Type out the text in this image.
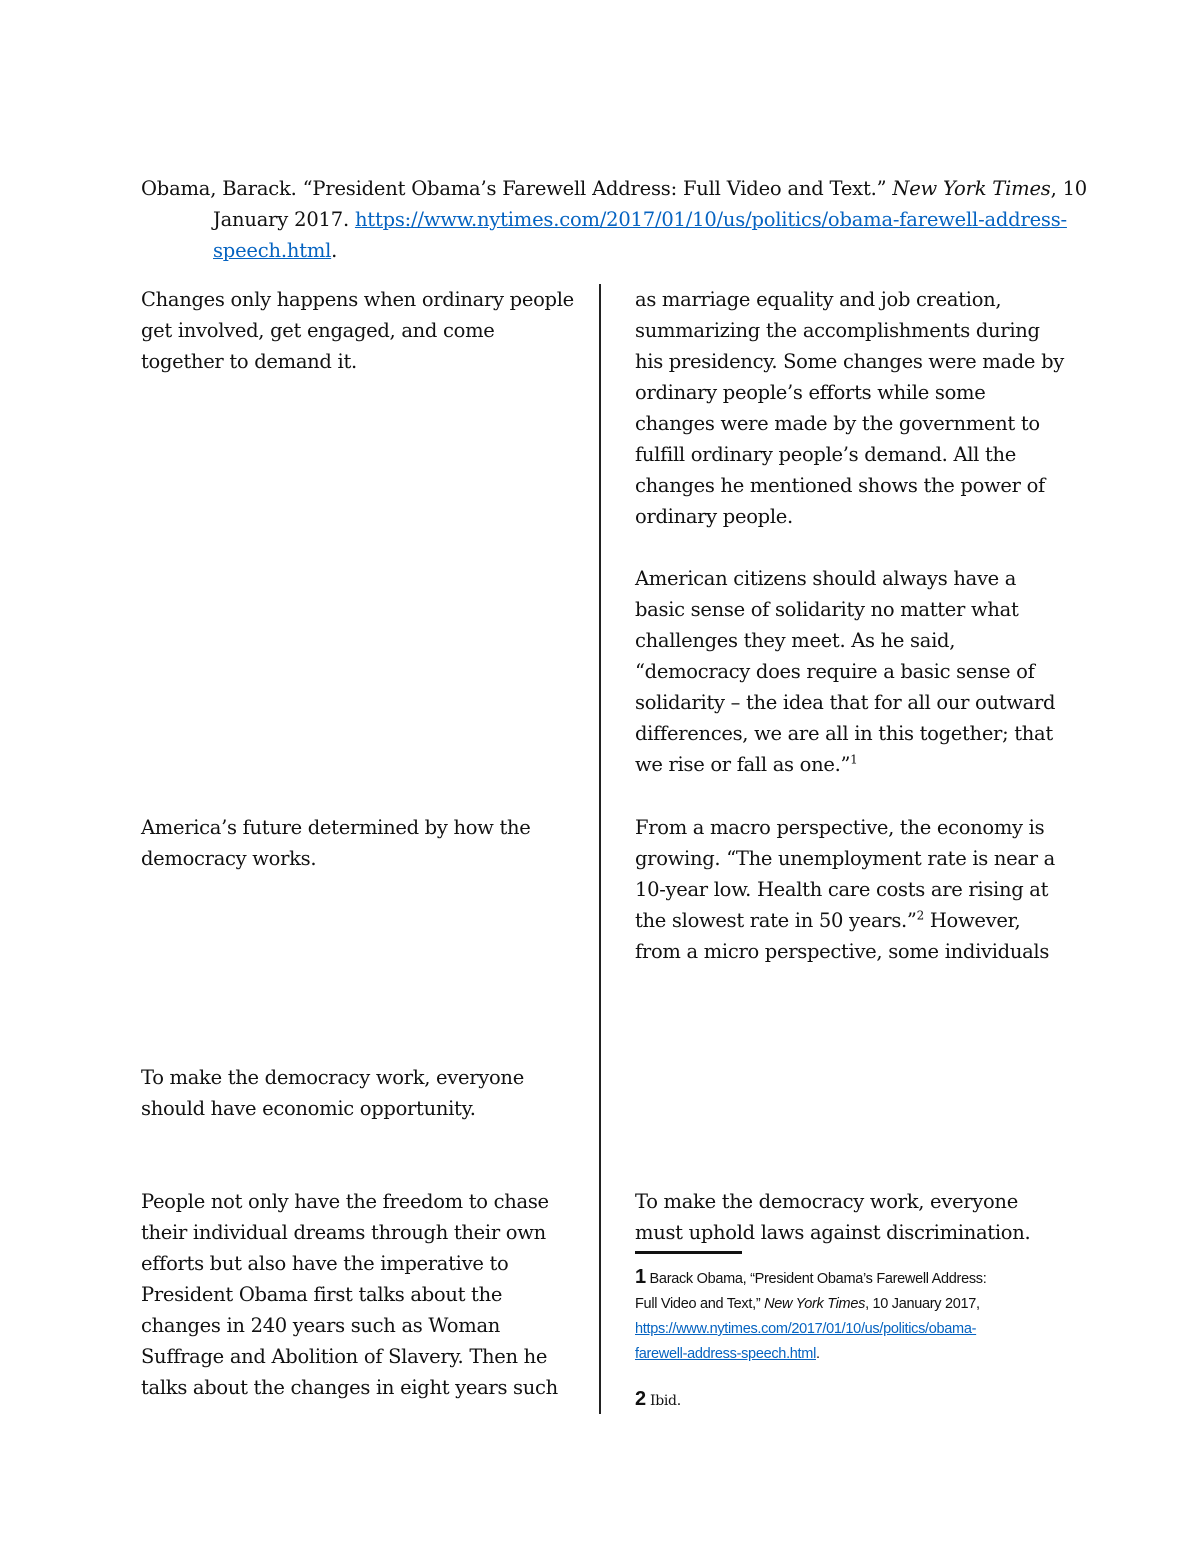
Obama, Barack. “President Obama’s Farewell Address: Full Video and Text.” New York Times, 10 January 2017. https://www.nytimes.com/2017/01/10/us/politics/obama-farewell-address-speech.html.
Changes only happens when ordinary people
get involved, get engaged, and come
together to demand it.
America’s future determined by how the
democracy works.
To make the democracy work, everyone
should have economic opportunity.
People not only have the freedom to chase
their individual dreams through their own
efforts but also have the imperative to
President Obama first talks about the
changes in 240 years such as Woman
Suffrage and Abolition of Slavery. Then he
talks about the changes in eight years such
as marriage equality and job creation,
summarizing the accomplishments during
his presidency. Some changes were made by
ordinary people’s efforts while some
changes were made by the government to
fulfill ordinary people’s demand. All the
changes he mentioned shows the power of
ordinary people.
American citizens should always have a
basic sense of solidarity no matter what
challenges they meet. As he said,
“democracy does require a basic sense of
solidarity – the idea that for all our outward
differences, we are all in this together; that
we rise or fall as one.”$^1$
From a macro perspective, the economy is
growing. “The unemployment rate is near a
10-year low. Health care costs are rising at
the slowest rate in 50 years.”$^2$ However,
from a micro perspective, some individuals
To make the democracy work, everyone
must uphold laws against discrimination.
1 Barack Obama, “President Obama’s Farewell Address:
Full Video and Text,” New York Times, 10 January 2017,
https://www.nytimes.com/2017/01/10/us/politics/obama-
farewell-address-speech.html.
2 Ibid.
